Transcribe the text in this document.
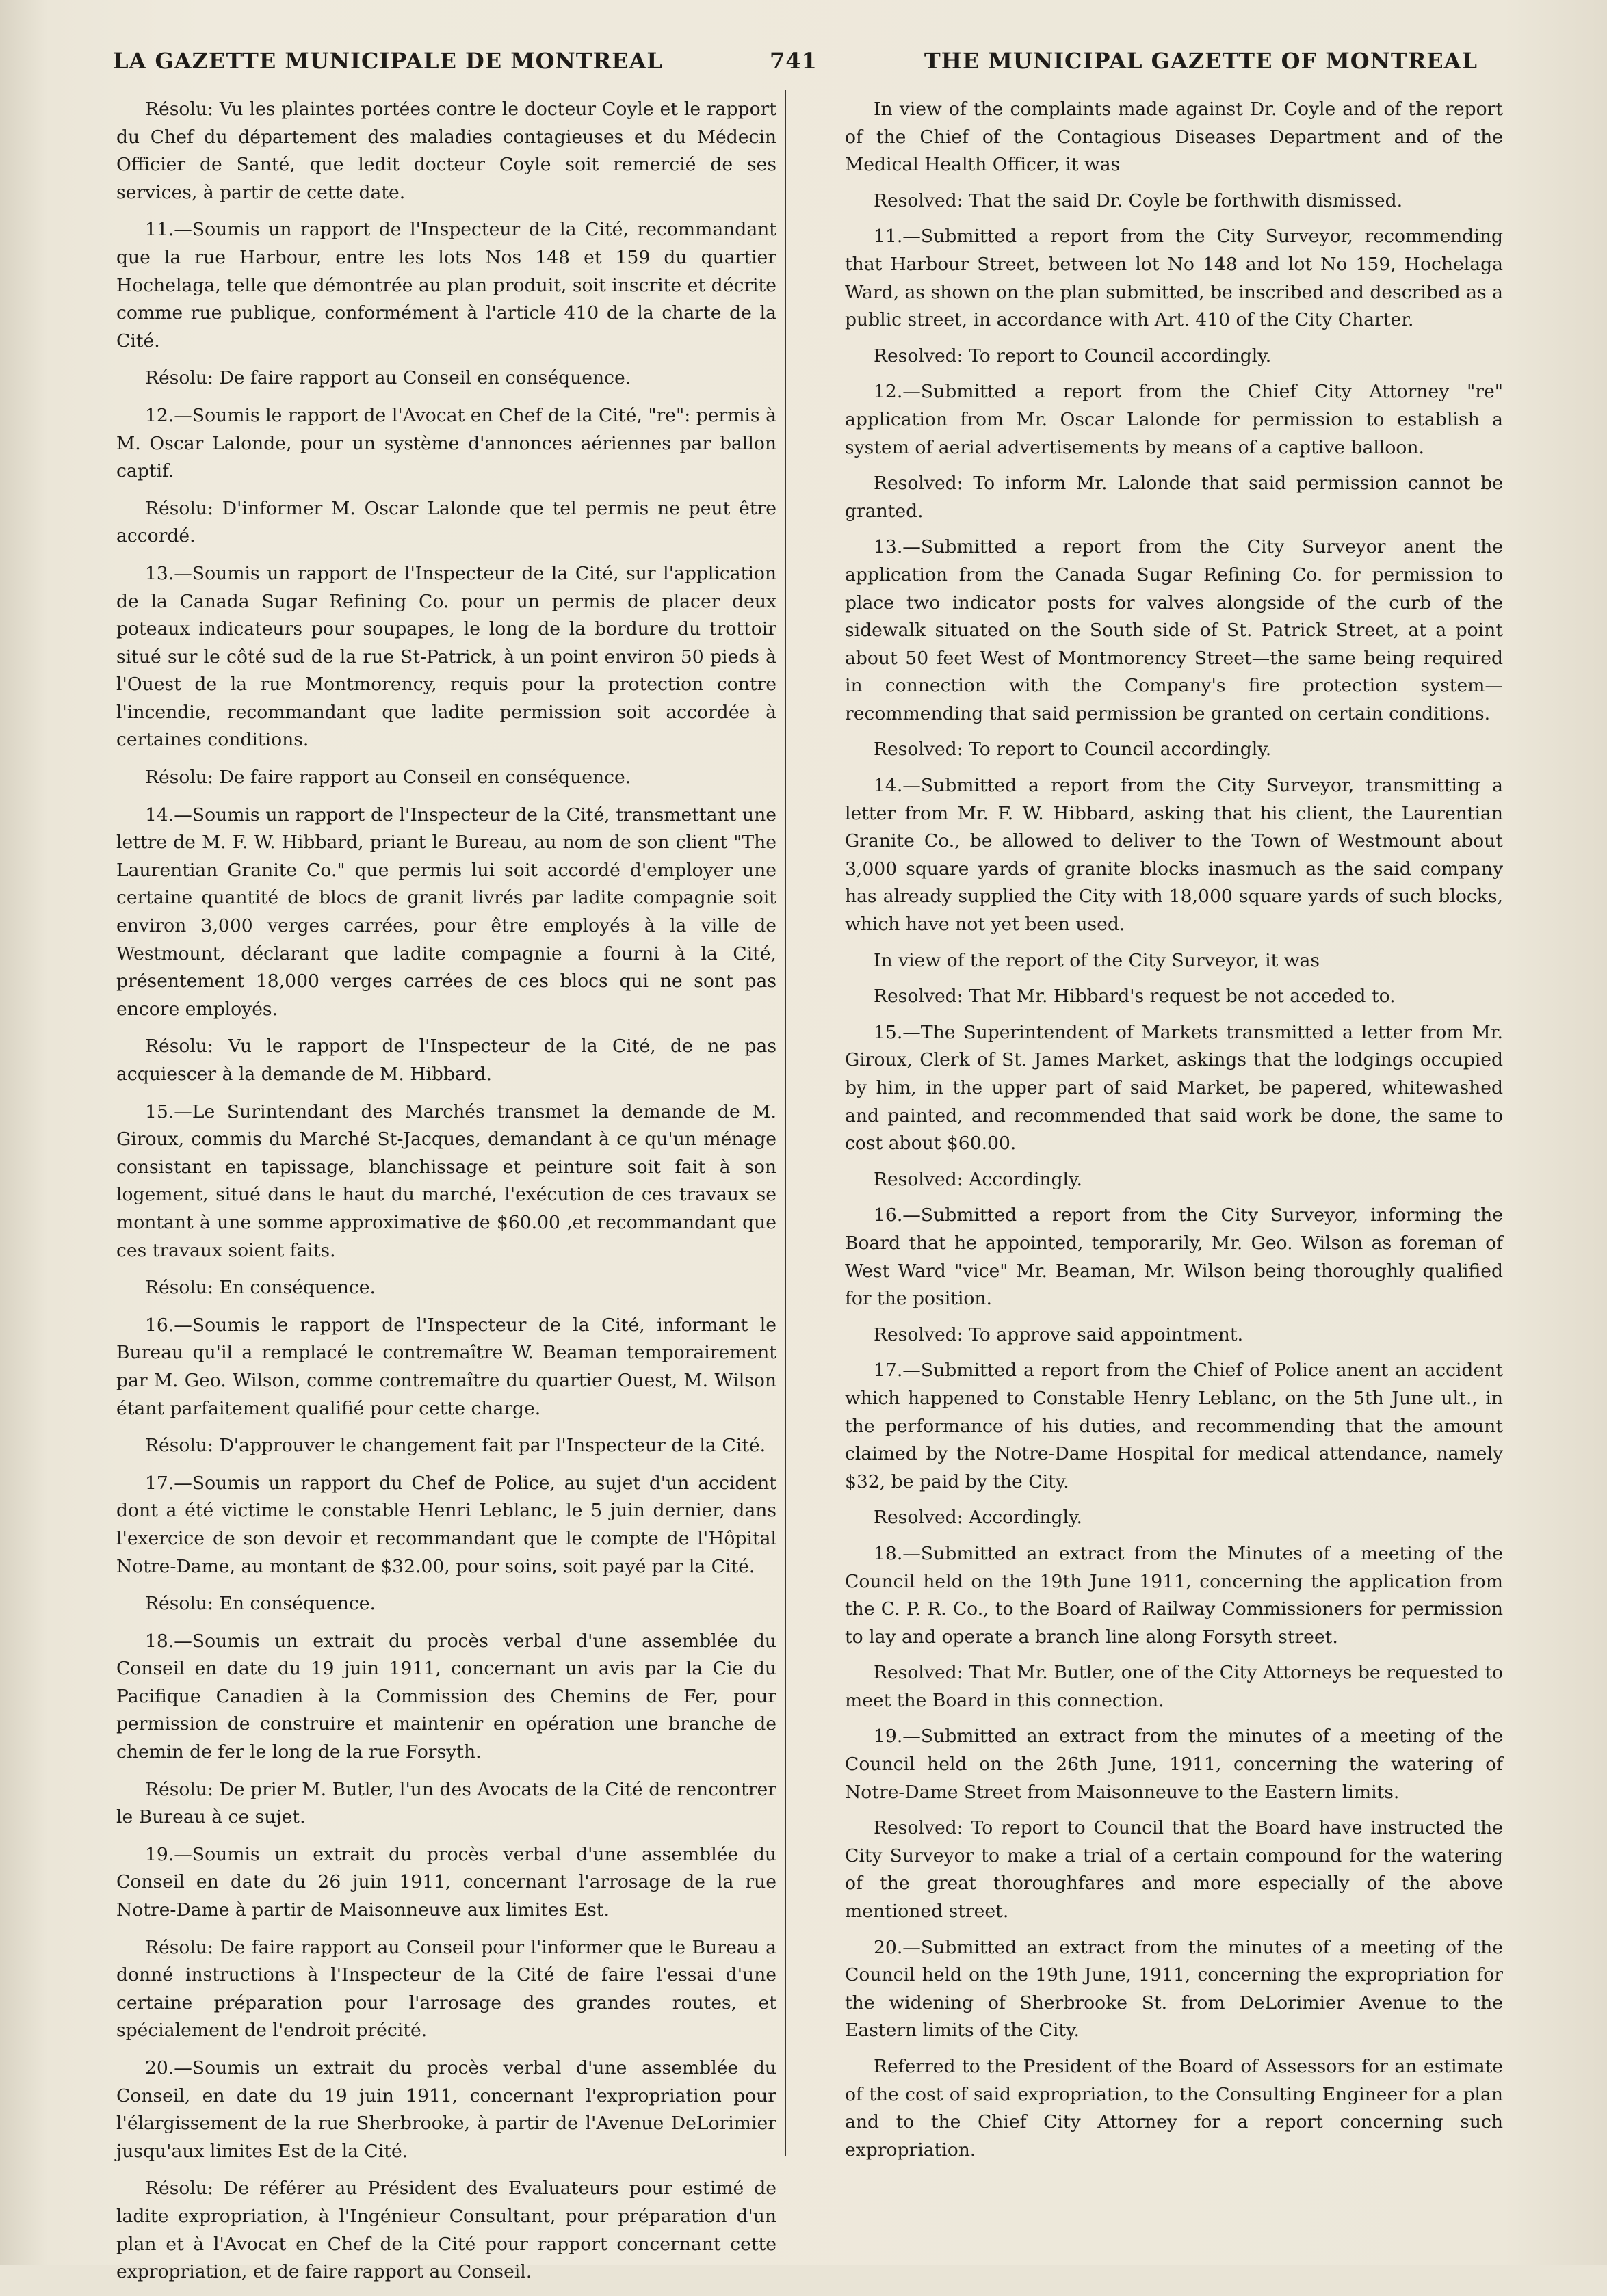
LA GAZETTE MUNICIPALE DE MONTREAL	741	THE MUNICIPAL GAZETTE OF MONTREAL

Résolu: Vu les plaintes portées contre le docteur Coyle et le rapport du Chef du département des maladies contagieuses et du Médecin Officier de Santé, que ledit docteur Coyle soit remercié de ses services, à partir de cette date.

11.—Soumis un rapport de l'Inspecteur de la Cité, recommandant que la rue Harbour, entre les lots Nos 148 et 159 du quartier Hochelaga, telle que démontrée au plan produit, soit inscrite et décrite comme rue publique, conformément à l'article 410 de la charte de la Cité.

Résolu: De faire rapport au Conseil en conséquence.

12.—Soumis le rapport de l'Avocat en Chef de la Cité, "re": permis à M. Oscar Lalonde, pour un système d'annonces aériennes par ballon captif.

Résolu: D'informer M. Oscar Lalonde que tel permis ne peut être accordé.

13.—Soumis un rapport de l'Inspecteur de la Cité, sur l'application de la Canada Sugar Refining Co. pour un permis de placer deux poteaux indicateurs pour soupapes, le long de la bordure du trottoir situé sur le côté sud de la rue St-Patrick, à un point environ 50 pieds à l'Ouest de la rue Montmorency, requis pour la protection contre l'incendie, recommandant que ladite permission soit accordée à certaines conditions.

Résolu: De faire rapport au Conseil en conséquence.

14.—Soumis un rapport de l'Inspecteur de la Cité, transmettant une lettre de M. F. W. Hibbard, priant le Bureau, au nom de son client "The Laurentian Granite Co." que permis lui soit accordé d'employer une certaine quantité de blocs de granit livrés par ladite compagnie soit environ 3,000 verges carrées, pour être employés à la ville de Westmount, déclarant que ladite compagnie a fourni à la Cité, présentement 18,000 verges carrées de ces blocs qui ne sont pas encore employés.

Résolu: Vu le rapport de l'Inspecteur de la Cité, de ne pas acquiescer à la demande de M. Hibbard.

15.—Le Surintendant des Marchés transmet la demande de M. Giroux, commis du Marché St-Jacques, demandant à ce qu'un ménage consistant en tapissage, blanchissage et peinture soit fait à son logement, situé dans le haut du marché, l'exécution de ces travaux se montant à une somme approximative de $60.00 ,et recommandant que ces travaux soient faits.

Résolu: En conséquence.

16.—Soumis le rapport de l'Inspecteur de la Cité, informant le Bureau qu'il a remplacé le contremaître W. Beaman temporairement par M. Geo. Wilson, comme contremaître du quartier Ouest, M. Wilson étant parfaitement qualifié pour cette charge.

Résolu: D'approuver le changement fait par l'Inspecteur de la Cité.

17.—Soumis un rapport du Chef de Police, au sujet d'un accident dont a été victime le constable Henri Leblanc, le 5 juin dernier, dans l'exercice de son devoir et recommandant que le compte de l'Hôpital Notre-Dame, au montant de $32.00, pour soins, soit payé par la Cité.

Résolu: En conséquence.

18.—Soumis un extrait du procès verbal d'une assemblée du Conseil en date du 19 juin 1911, concernant un avis par la Cie du Pacifique Canadien à la Commission des Chemins de Fer, pour permission de construire et maintenir en opération une branche de chemin de fer le long de la rue Forsyth.

Résolu: De prier M. Butler, l'un des Avocats de la Cité de rencontrer le Bureau à ce sujet.

19.—Soumis un extrait du procès verbal d'une assemblée du Conseil en date du 26 juin 1911, concernant l'arrosage de la rue Notre-Dame à partir de Maisonneuve aux limites Est.

Résolu: De faire rapport au Conseil pour l'informer que le Bureau a donné instructions à l'Inspecteur de la Cité de faire l'essai d'une certaine préparation pour l'arrosage des grandes routes, et spécialement de l'endroit précité.

20.—Soumis un extrait du procès verbal d'une assemblée du Conseil, en date du 19 juin 1911, concernant l'expropriation pour l'élargissement de la rue Sherbrooke, à partir de l'Avenue DeLorimier jusqu'aux limites Est de la Cité.

Résolu: De référer au Président des Evaluateurs pour estimé de ladite expropriation, à l'Ingénieur Consultant, pour préparation d'un plan et à l'Avocat en Chef de la Cité pour rapport concernant cette expropriation, et de faire rapport au Conseil.

In view of the complaints made against Dr. Coyle and of the report of the Chief of the Contagious Diseases Department and of the Medical Health Officer, it was

Resolved: That the said Dr. Coyle be forthwith dismissed.

11.—Submitted a report from the City Surveyor, recommending that Harbour Street, between lot No 148 and lot No 159, Hochelaga Ward, as shown on the plan submitted, be inscribed and described as a public street, in accordance with Art. 410 of the City Charter.

Resolved: To report to Council accordingly.

12.—Submitted a report from the Chief City Attorney "re" application from Mr. Oscar Lalonde for permission to establish a system of aerial advertisements by means of a captive balloon.

Resolved: To inform Mr. Lalonde that said permission cannot be granted.

13.—Submitted a report from the City Surveyor anent the application from the Canada Sugar Refining Co. for permission to place two indicator posts for valves alongside of the curb of the sidewalk situated on the South side of St. Patrick Street, at a point about 50 feet West of Montmorency Street—the same being required in connection with the Company's fire protection system— recommending that said permission be granted on certain conditions.

Resolved: To report to Council accordingly.

14.—Submitted a report from the City Surveyor, transmitting a letter from Mr. F. W. Hibbard, asking that his client, the Laurentian Granite Co., be allowed to deliver to the Town of Westmount about 3,000 square yards of granite blocks inasmuch as the said company has already supplied the City with 18,000 square yards of such blocks, which have not yet been used.

In view of the report of the City Surveyor, it was

Resolved: That Mr. Hibbard's request be not acceded to.

15.—The Superintendent of Markets transmitted a letter from Mr. Giroux, Clerk of St. James Market, askings that the lodgings occupied by him, in the upper part of said Market, be papered, whitewashed and painted, and recommended that said work be done, the same to cost about $60.00.

Resolved: Accordingly.

16.—Submitted a report from the City Surveyor, informing the Board that he appointed, temporarily, Mr. Geo. Wilson as foreman of West Ward "vice" Mr. Beaman, Mr. Wilson being thoroughly qualified for the position.

Resolved: To approve said appointment.

17.—Submitted a report from the Chief of Police anent an accident which happened to Constable Henry Leblanc, on the 5th June ult., in the performance of his duties, and recommending that the amount claimed by the Notre-Dame Hospital for medical attendance, namely $32, be paid by the City.

Resolved: Accordingly.

18.—Submitted an extract from the Minutes of a meeting of the Council held on the 19th June 1911, concerning the application from the C. P. R. Co., to the Board of Railway Commissioners for permission to lay and operate a branch line along Forsyth street.

Resolved: That Mr. Butler, one of the City Attorneys be requested to meet the Board in this connection.

19.—Submitted an extract from the minutes of a meeting of the Council held on the 26th June, 1911, concerning the watering of Notre-Dame Street from Maisonneuve to the Eastern limits.

Resolved: To report to Council that the Board have instructed the City Surveyor to make a trial of a certain compound for the watering of the great thoroughfares and more especially of the above mentioned street.

20.—Submitted an extract from the minutes of a meeting of the Council held on the 19th June, 1911, concerning the expropriation for the widening of Sherbrooke St. from DeLorimier Avenue to the Eastern limits of the City.

Referred to the President of the Board of Assessors for an estimate of the cost of said expropriation, to the Consulting Engineer for a plan and to the Chief City Attorney for a report concerning such expropriation.
